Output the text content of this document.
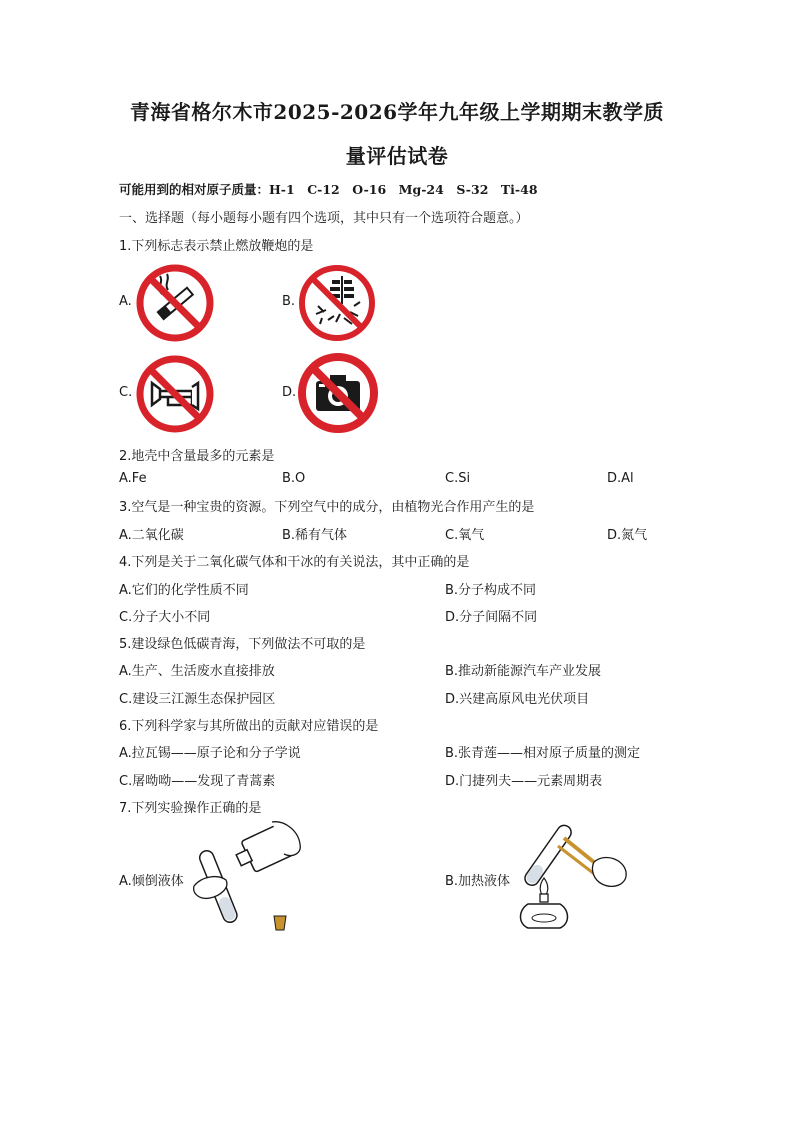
青海省格尔木市2025-2026学年九年级上学期期末教学质
量评估试卷
可能用到的相对原子质量：H-1　C-12　O-16　Mg-24　S-32　Ti-48
一、选择题（每小题每小题有四个选项，其中只有一个选项符合题意。）
1.下列标志表示禁止燃放鞭炮的是
A.	B.
C.	D.
2.地壳中含量最多的元素是
A.Fe	B.O	C.Si	D.Al
3.空气是一种宝贵的资源。下列空气中的成分，由植物光合作用产生的是
A.二氧化碳	B.稀有气体	C.氧气	D.氮气
4.下列是关于二氧化碳气体和干冰的有关说法，其中正确的是
A.它们的化学性质不同	B.分子构成不同
C.分子大小不同	D.分子间隔不同
5.建设绿色低碳青海，下列做法不可取的是
A.生产、生活废水直接排放	B.推动新能源汽车产业发展
C.建设三江源生态保护园区	D.兴建高原风电光伏项目
6.下列科学家与其所做出的贡献对应错误的是
A.拉瓦锡——原子论和分子学说	B.张青莲——相对原子质量的测定
C.屠呦呦——发现了青蒿素	D.门捷列夫——元素周期表
7.下列实验操作正确的是
A.倾倒液体	B.加热液体
